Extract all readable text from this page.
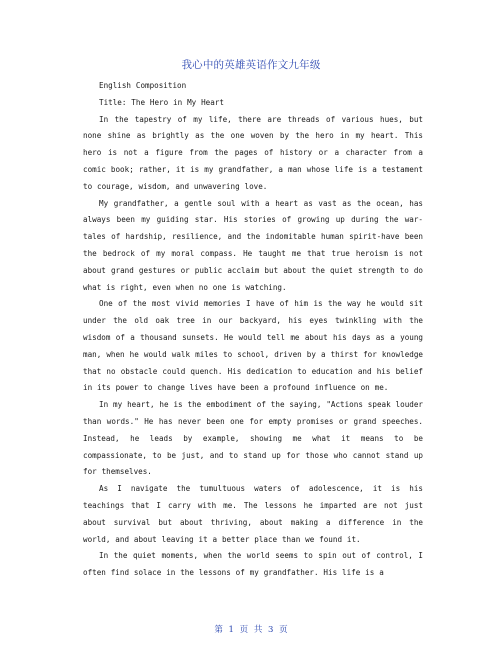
我心中的英雄英语作文九年级

English Composition

Title: The Hero in My Heart

In the tapestry of my life, there are threads of various hues, but none shine as brightly as the one woven by the hero in my heart. This hero is not a figure from the pages of history or a character from a comic book; rather, it is my grandfather, a man whose life is a testament to courage, wisdom, and unwavering love.

My grandfather, a gentle soul with a heart as vast as the ocean, has always been my guiding star. His stories of growing up during the war-tales of hardship, resilience, and the indomitable human spirit-have been the bedrock of my moral compass. He taught me that true heroism is not about grand gestures or public acclaim but about the quiet strength to do what is right, even when no one is watching.

One of the most vivid memories I have of him is the way he would sit under the old oak tree in our backyard, his eyes twinkling with the wisdom of a thousand sunsets. He would tell me about his days as a young man, when he would walk miles to school, driven by a thirst for knowledge that no obstacle could quench. His dedication to education and his belief in its power to change lives have been a profound influence on me.

In my heart, he is the embodiment of the saying, "Actions speak louder than words." He has never been one for empty promises or grand speeches. Instead, he leads by example, showing me what it means to be compassionate, to be just, and to stand up for those who cannot stand up for themselves.

As I navigate the tumultuous waters of adolescence, it is his teachings that I carry with me. The lessons he imparted are not just about survival but about thriving, about making a difference in the world, and about leaving it a better place than we found it.

In the quiet moments, when the world seems to spin out of control, I often find solace in the lessons of my grandfather. His life is a

第 1 页 共 3 页
